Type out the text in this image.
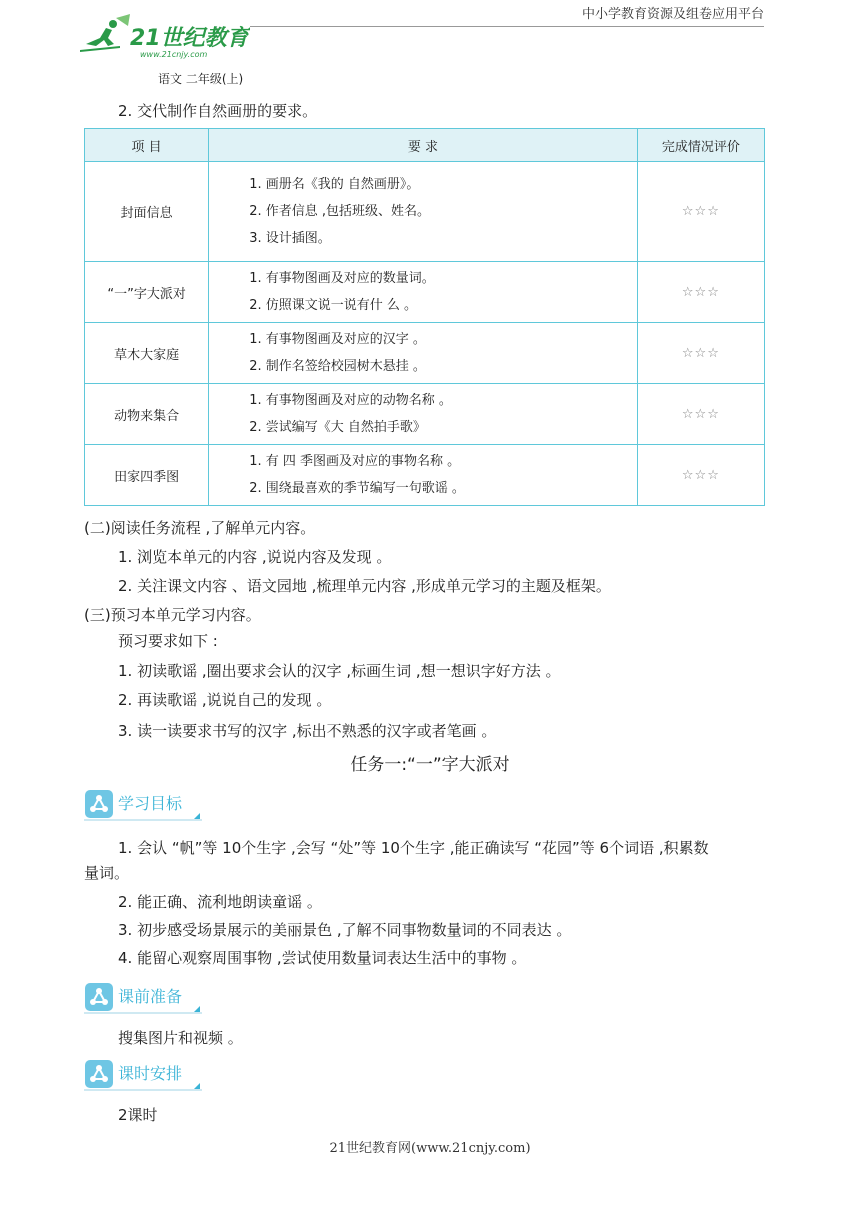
中小学教育资源及组卷应用平台
21世纪教育
www.21cnjy.com
语文 二年级(上)
2. 交代制作自然画册的要求。
项 目	要 求	完成情况评价
封面信息	1. 画册名《我的 自然画册》。
2. 作者信息 ,包括班级、姓名。
3. 设计插图。	☆☆☆
“一”字大派对	1. 有事物图画及对应的数量词。
2. 仿照课文说一说有什 么 。	☆☆☆
草木大家庭	1. 有事物图画及对应的汉字 。
2. 制作名签给校园树木悬挂 。	☆☆☆
动物来集合	1. 有事物图画及对应的动物名称 。
2. 尝试编写《大 自然拍手歌》	☆☆☆
田家四季图	1. 有 四 季图画及对应的事物名称 。
2. 围绕最喜欢的季节编写一句歌谣 。	☆☆☆
(二)阅读任务流程 ,了解单元内容。
1. 浏览本单元的内容 ,说说内容及发现 。
2. 关注课文内容 、语文园地 ,梳理单元内容 ,形成单元学习的主题及框架。
(三)预习本单元学习内容。
预习要求如下 :
1. 初读歌谣 ,圈出要求会认的汉字 ,标画生词 ,想一想识字好方法 。
2. 再读歌谣 ,说说自己的发现 。
3. 读一读要求书写的汉字 ,标出不熟悉的汉字或者笔画 。
任务一:“一”字大派对
学习目标
1. 会认 “帆”等 10个生字 ,会写 “处”等 10个生字 ,能正确读写 “花园”等 6个词语 ,积累数
量词。
2. 能正确、流利地朗读童谣 。
3. 初步感受场景展示的美丽景色 ,了解不同事物数量词的不同表达 。
4. 能留心观察周围事物 ,尝试使用数量词表达生活中的事物 。
课前准备
搜集图片和视频 。
课时安排
2课时
21世纪教育网(www.21cnjy.com)
